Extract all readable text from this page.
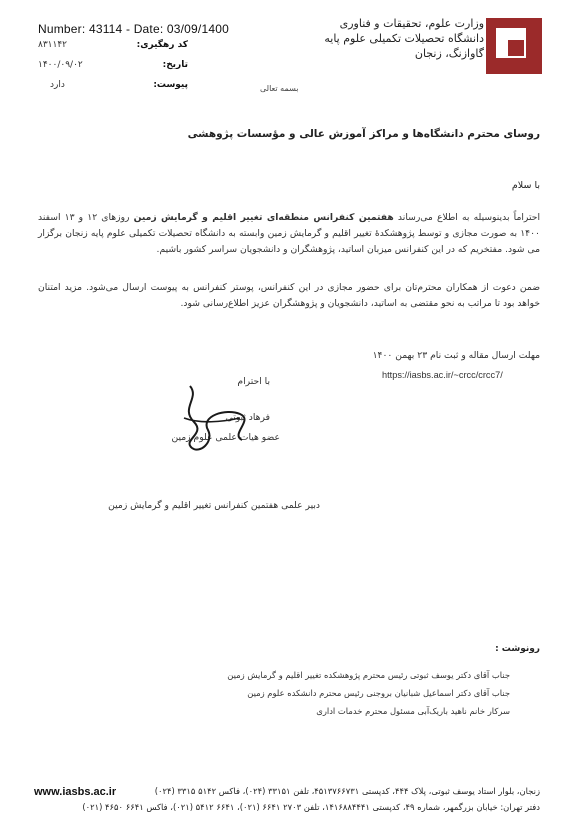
Number: 43114 - Date: 03/09/1400
کد رهگیری:
۸۳۱۱۴۲
تاریخ:
۱۴۰۰/۰۹/۰۲
پیوست:
دارد
وزارت علوم، تحقیقات و فناوری
دانشگاه تحصیلات تکمیلی علوم پایه
گاوازنگ، زنجان
بسمه تعالی
روسای محترم دانشگاه‌ها و مراکز آموزش عالی و مؤسسات پژوهشی
با سلام
احتراماً بدینوسیله به اطلاع می‌رساند هفتمین کنفرانس منطقه‌ای تغییر اقلیم و گرمایش زمین روزهای ۱۲ و ۱۳ اسفند ۱۴۰۰ به صورت مجازی و توسط پژوهشکدهٔ تغییر اقلیم و گرمایش زمین وابسته به دانشگاه تحصیلات تکمیلی علوم پایه زنجان برگزار می شود. مفتخریم که در این کنفرانس میزبان اساتید، پژوهشگران و دانشجویان سراسر کشور باشیم.
ضمن دعوت از همکاران محترم‌تان برای حضور مجازی در این کنفرانس، پوستر کنفرانس به پیوست ارسال می‌شود. مزید امتنان خواهد بود تا مراتب به نحو مقتضی به اساتید، دانشجویان و پژوهشگران عزیز اطلاع‌رسانی شود.
مهلت ارسال مقاله و ثبت نام ۲۳ بهمن ۱۴۰۰
https://iasbs.ac.ir/~crcc/crcc7/
با احترام
فرهاد ثبوتی
عضو هیات علمی علوم زمین
دبیر علمی هفتمین کنفرانس تغییر اقلیم و گرمایش زمین
رونوشت :
جناب آقای دکتر یوسف ثبوتی رئیس محترم پژوهشکده تغییر اقلیم و گرمایش زمین
جناب آقای دکتر اسماعیل شبانیان بروجنی رئیس محترم دانشکده علوم زمین
سرکار خانم ناهید باریک‌آبی مسئول محترم خدمات اداری
www.iasbs.ac.ir	زنجان، بلوار استاد یوسف ثبوتی، پلاک ۴۴۴، کدپستی ۴۵۱۳۷۶۶۷۳۱، تلفن ۳۳۱۵۱ (۰۲۴)، فاکس ۵۱۴۲ ۳۳۱۵ (۰۲۴)
دفتر تهران: خیابان بزرگمهر، شماره ۴۹، کدپستی ۱۴۱۶۸۸۴۴۴۱، تلفن ۲۷۰۳ ۶۶۴۱ (۰۲۱)، ۶۶۴۱ ۵۴۱۲ (۰۲۱)، فاکس ۶۶۴۱ ۴۶۵۰ (۰۲۱)
